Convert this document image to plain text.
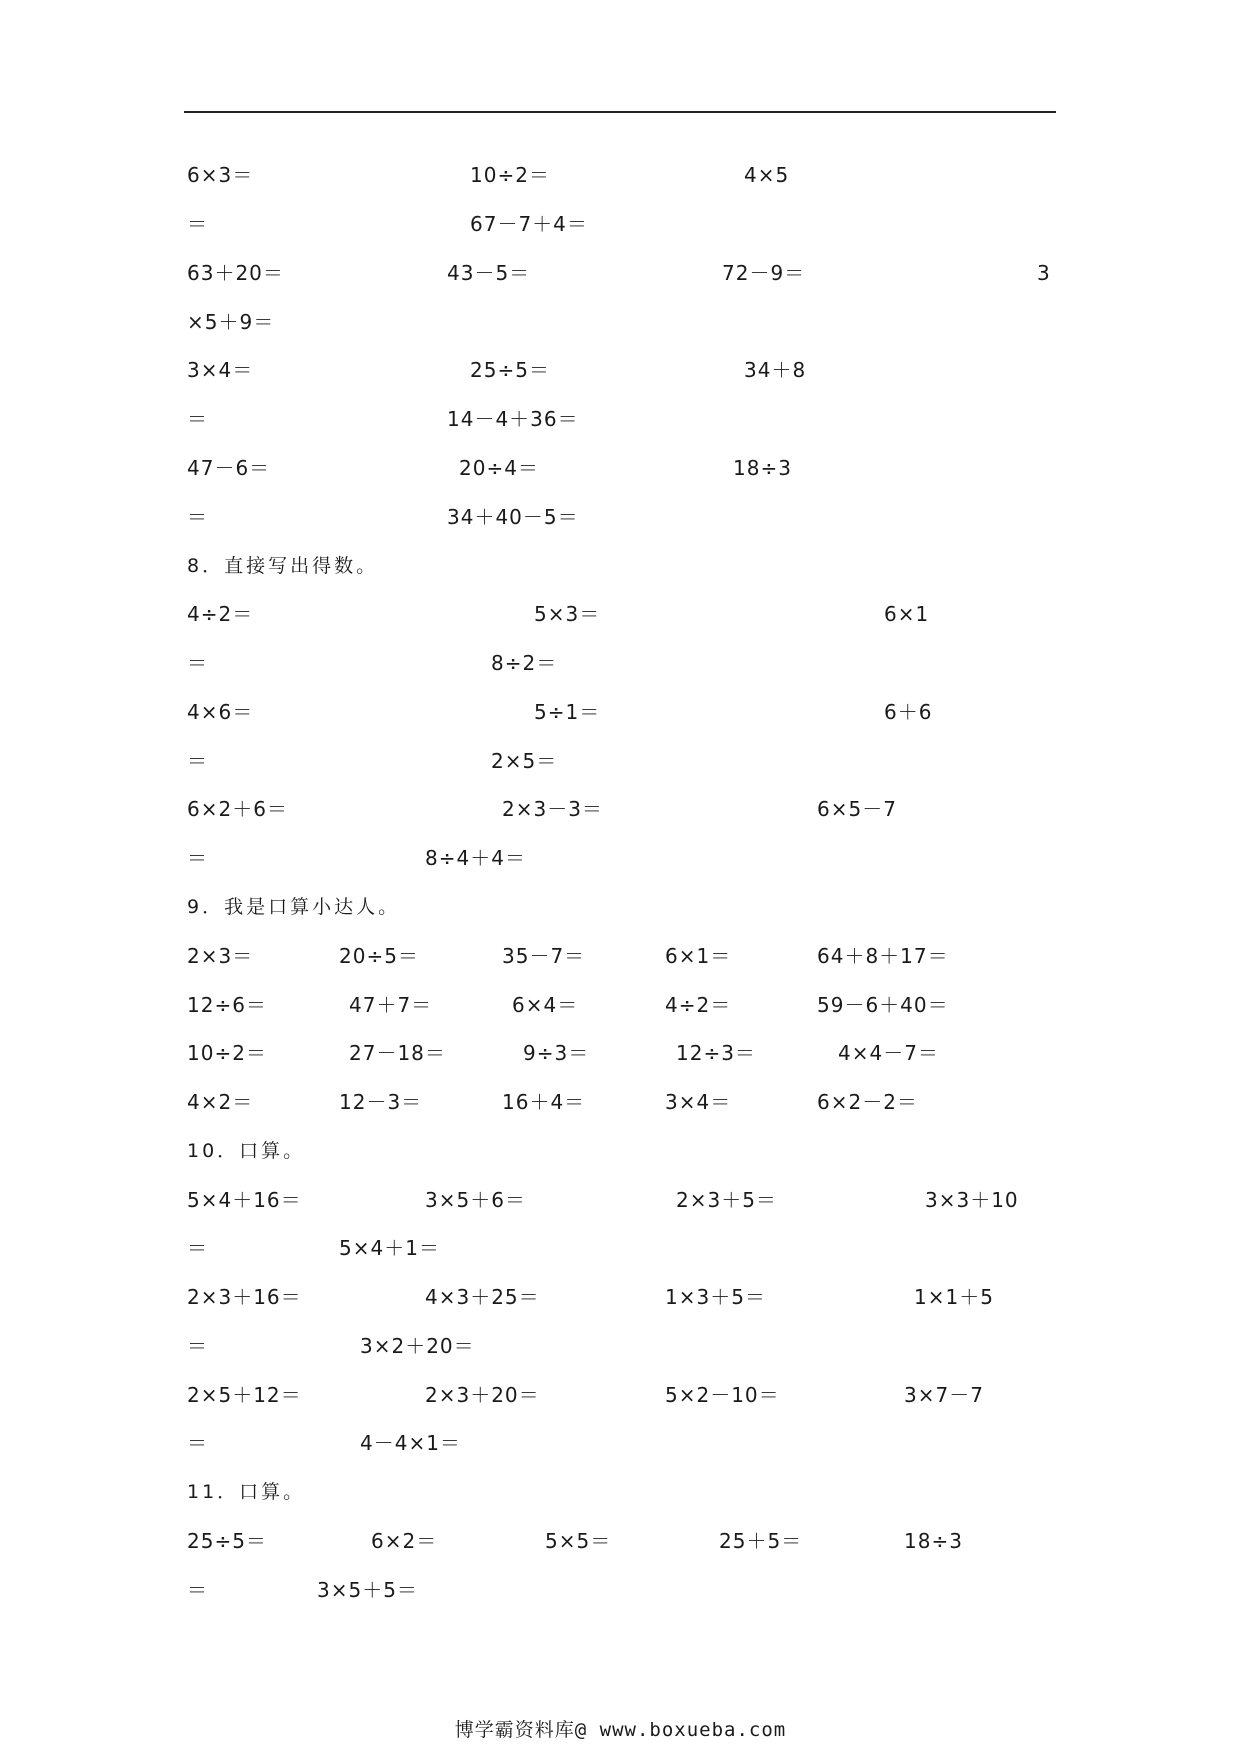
6×3＝	10÷2＝	4×5
＝	67－7＋4＝
63＋20＝	43－5＝	72－9＝	3
×5＋9＝
3×4＝	25÷5＝	34＋8
＝	14－4＋36＝
47－6＝	20÷4＝	18÷3
＝	34＋40－5＝
8．直接写出得数。
4÷2＝	5×3＝	6×1
＝	8÷2＝
4×6＝	5÷1＝	6＋6
＝	2×5＝
6×2＋6＝	2×3－3＝	6×5－7
＝	8÷4＋4＝
9．我是口算小达人。
2×3＝	20÷5＝	35－7＝	6×1＝	64＋8＋17＝
12÷6＝	47＋7＝	6×4＝	4÷2＝	59－6＋40＝
10÷2＝	27－18＝	9÷3＝	12÷3＝	4×4－7＝
4×2＝	12－3＝	16＋4＝	3×4＝	6×2－2＝
10．口算。
5×4＋16＝	3×5＋6＝	2×3＋5＝	3×3＋10
＝	5×4＋1＝
2×3＋16＝	4×3＋25＝	1×3＋5＝	1×1＋5
＝	3×2＋20＝
2×5＋12＝	2×3＋20＝	5×2－10＝	3×7－7
＝	4－4×1＝
11．口算。
25÷5＝	6×2＝	5×5＝	25＋5＝	18÷3
＝	3×5＋5＝
博学霸资料库@ www.boxueba.com
